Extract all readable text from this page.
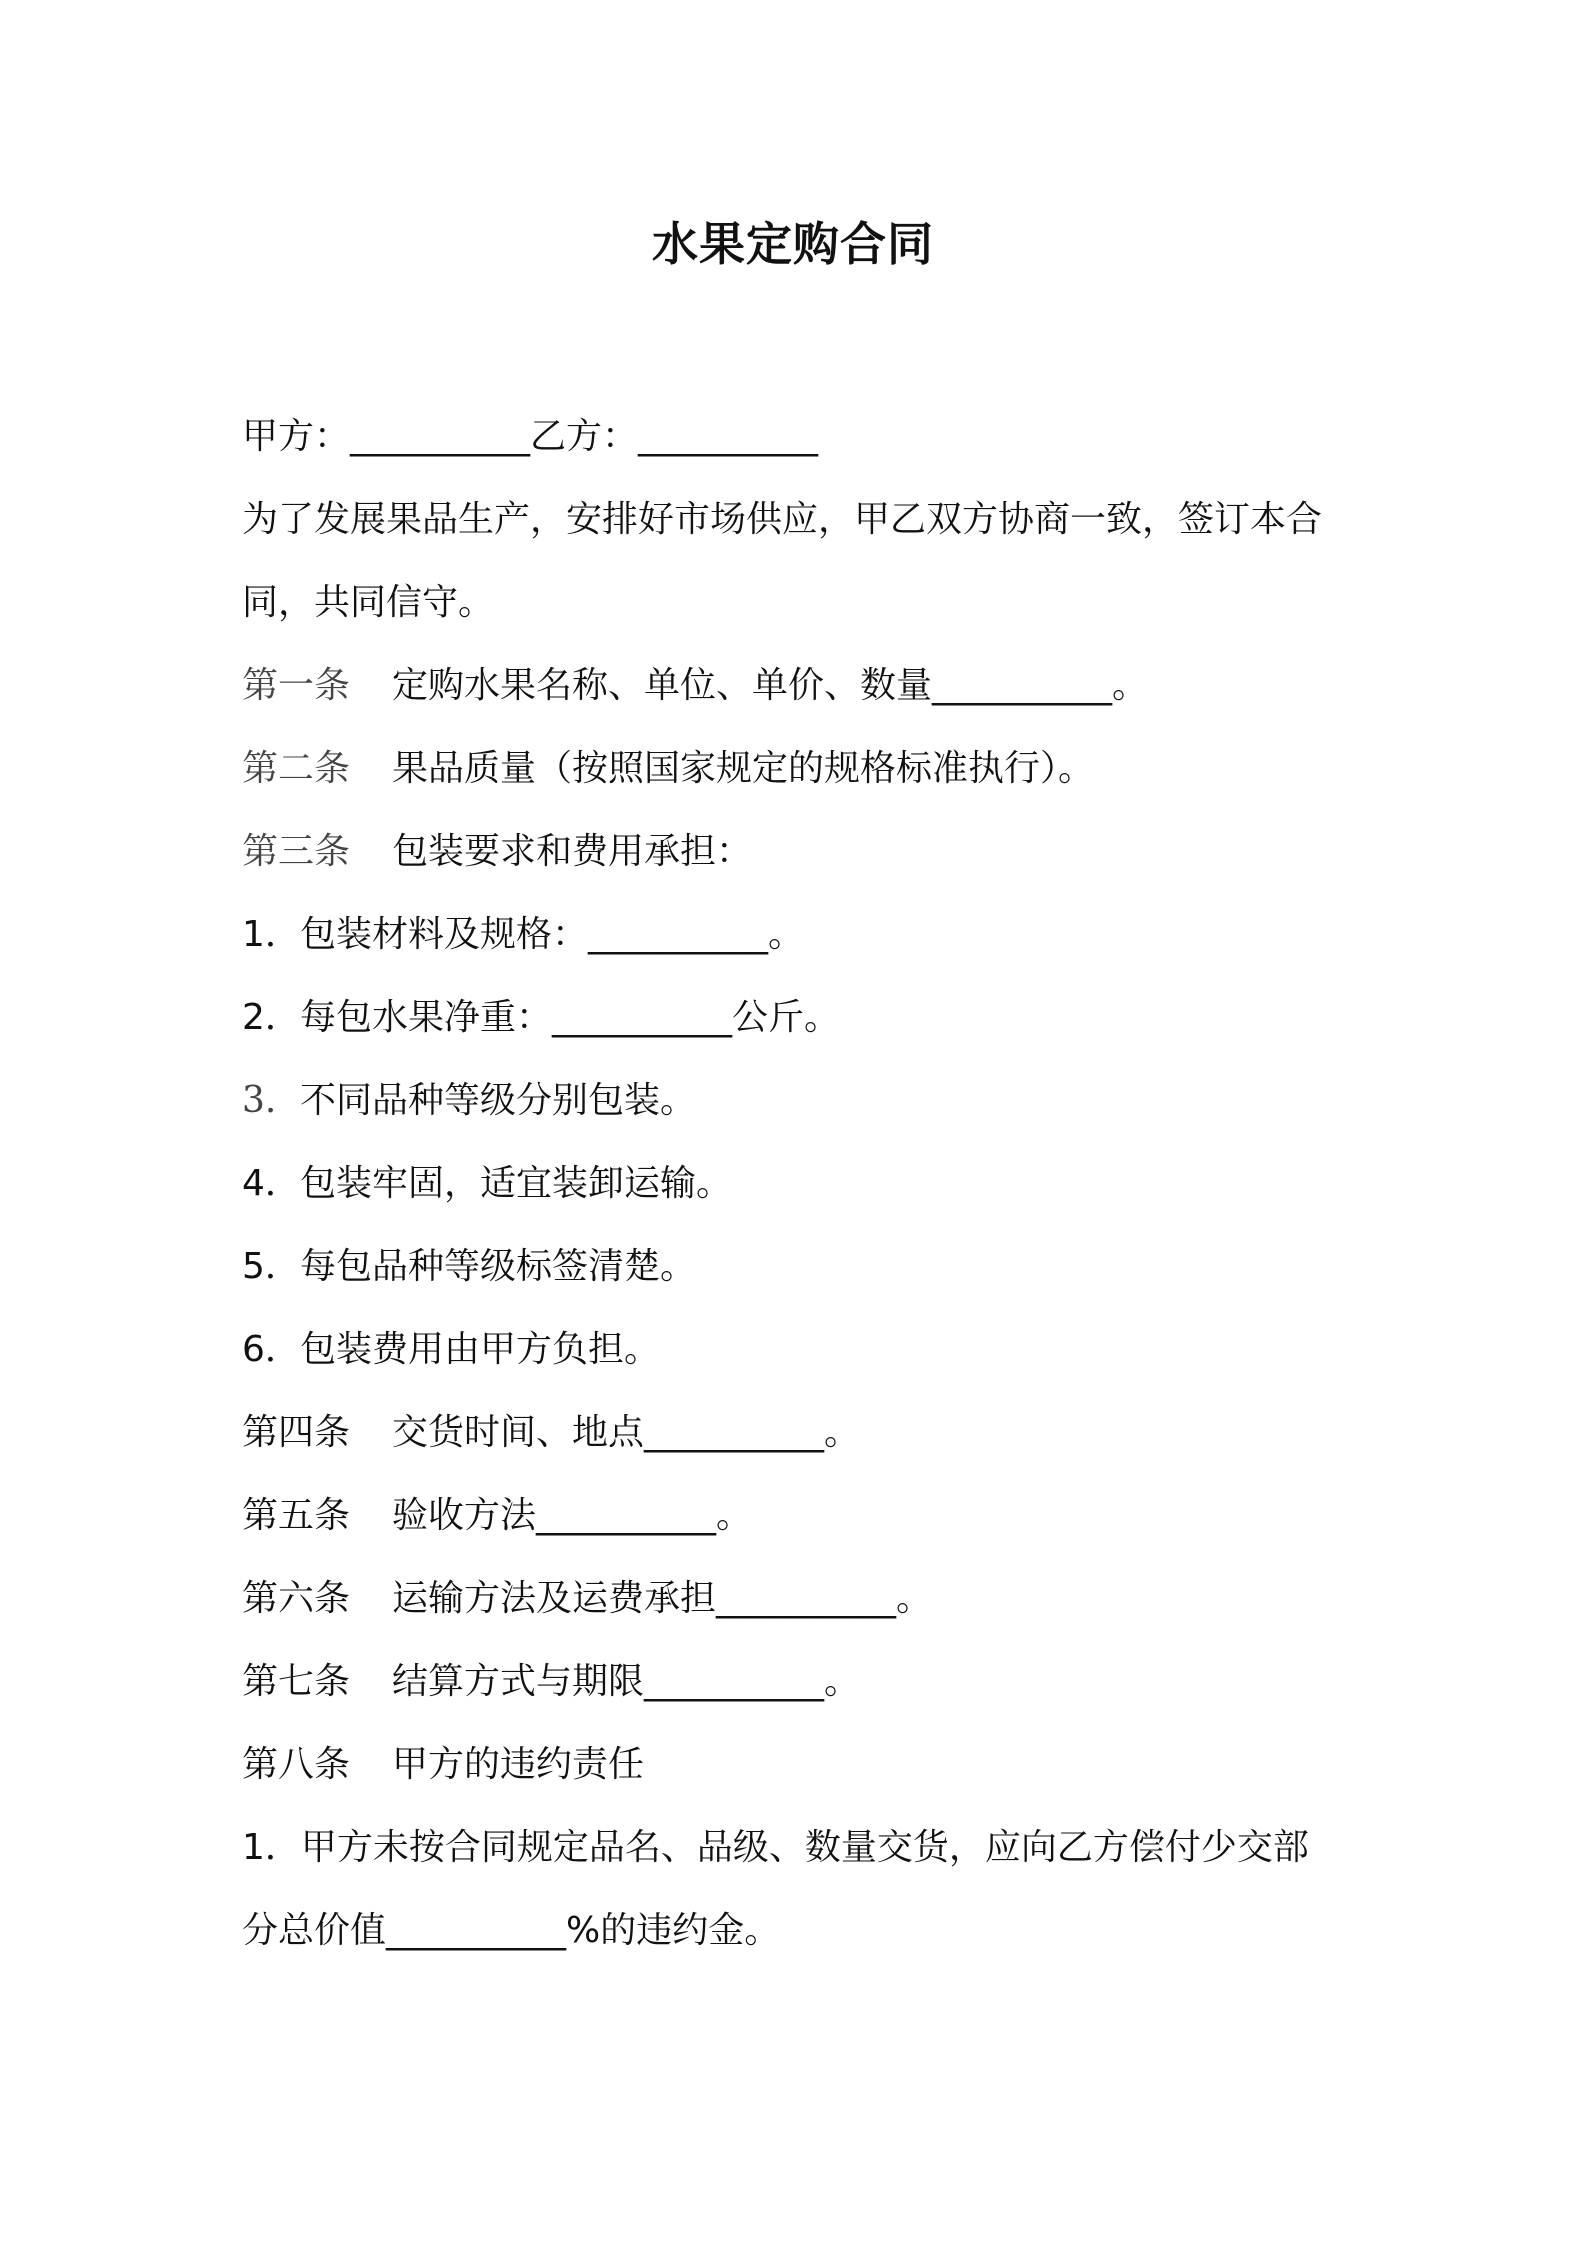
水果定购合同
甲方：__________乙方：__________
为了发展果品生产，安排好市场供应，甲乙双方协商一致，签订本合
同，共同信守。
第一条 定购水果名称、单位、单价、数量__________。
第二条 果品质量（按照国家规定的规格标准执行）。
第三条 包装要求和费用承担：
1．包装材料及规格：__________。
2．每包水果净重：__________公斤。
3. 不同品种等级分别包装。
4．包装牢固，适宜装卸运输。
5．每包品种等级标签清楚。
6．包装费用由甲方负担。
第四条 交货时间、地点__________。
第五条 验收方法__________。
第六条 运输方法及运费承担__________。
第七条 结算方式与期限__________。
第八条 甲方的违约责任
1．甲方未按合同规定品名、品级、数量交货，应向乙方偿付少交部
分总价值__________%的违约金。
